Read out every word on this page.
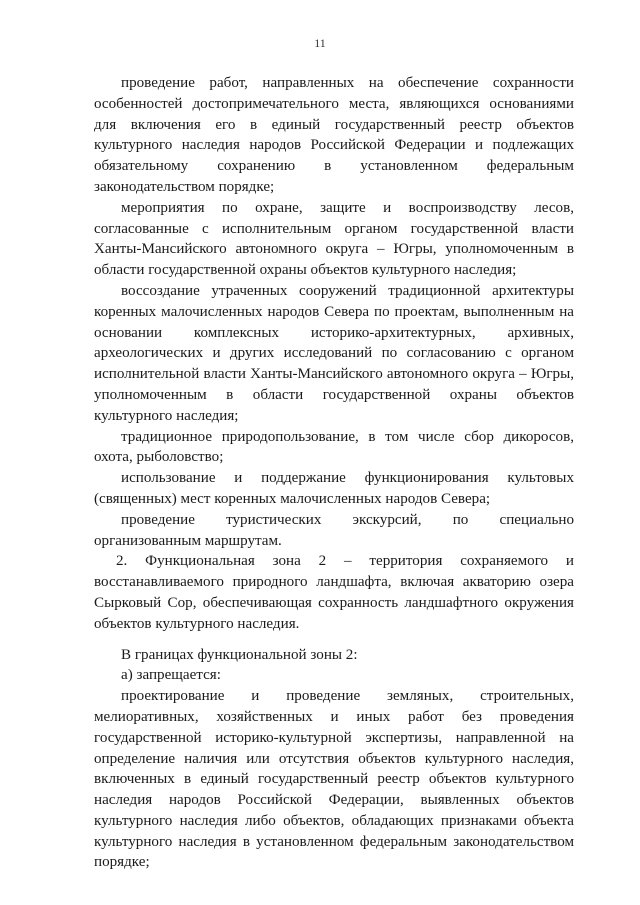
11

проведение работ, направленных на обеспечение сохранности особенностей достопримечательного места, являющихся основаниями для включения его в единый государственный реестр объектов культурного наследия народов Российской Федерации и подлежащих обязательному сохранению в установленном федеральным законодательством порядке;

мероприятия по охране, защите и воспроизводству лесов, согласованные с исполнительным органом государственной власти Ханты-Мансийского автономного округа – Югры, уполномоченным в области государственной охраны объектов культурного наследия;

воссоздание утраченных сооружений традиционной архитектуры коренных малочисленных народов Севера по проектам, выполненным на основании комплексных историко-архитектурных, архивных, археологических и других исследований по согласованию с органом исполнительной власти Ханты-Мансийского автономного округа – Югры, уполномоченным в области государственной охраны объектов культурного наследия;

традиционное природопользование, в том числе сбор дикоросов, охота, рыболовство;

использование и поддержание функционирования культовых (священных) мест коренных малочисленных народов Севера;

проведение туристических экскурсий, по специально организованным маршрутам.

2. Функциональная зона 2 – территория сохраняемого и восстанавливаемого природного ландшафта, включая акваторию озера Сырковый Сор, обеспечивающая сохранность ландшафтного окружения объектов культурного наследия.

В границах функциональной зоны 2:

а) запрещается:

проектирование и проведение земляных, строительных, мелиоративных, хозяйственных и иных работ без проведения государственной историко-культурной экспертизы, направленной на определение наличия или отсутствия объектов культурного наследия, включенных в единый государственный реестр объектов культурного наследия народов Российской Федерации, выявленных объектов культурного наследия либо объектов, обладающих признаками объекта культурного наследия в установленном федеральным законодательством порядке;
